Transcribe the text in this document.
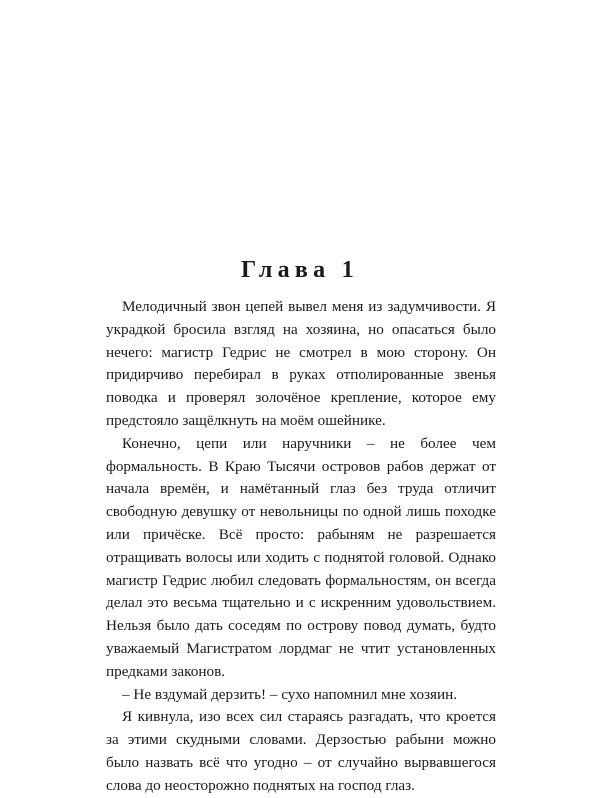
Глава 1

Мелодичный звон цепей вывел меня из задумчивости. Я украдкой бросила взгляд на хозяина, но опасаться было нечего: магистр Гедрис не смотрел в мою сторону. Он придирчиво перебирал в руках отполированные звенья поводка и проверял золочёное крепление, которое ему предстояло защёлкнуть на моём ошейнике.

Конечно, цепи или наручники – не более чем формальность. В Краю Тысячи островов рабов держат от начала времён, и намётанный глаз без труда отличит свободную девушку от невольницы по одной лишь походке или причёске. Всё просто: рабыням не разрешается отращивать волосы или ходить с поднятой головой. Однако магистр Гедрис любил следовать формальностям, он всегда делал это весьма тщательно и с искренним удовольствием. Нельзя было дать соседям по острову повод думать, будто уважаемый Магистратом лордмаг не чтит установленных предками законов.

– Не вздумай дерзить! – сухо напомнил мне хозяин.

Я кивнула, изо всех сил стараясь разгадать, что кроется за этими скудными словами. Дерзостью рабыни можно было назвать всё что угодно – от случайно вырвавшегося слова до неосторожно поднятых на господ глаз.
